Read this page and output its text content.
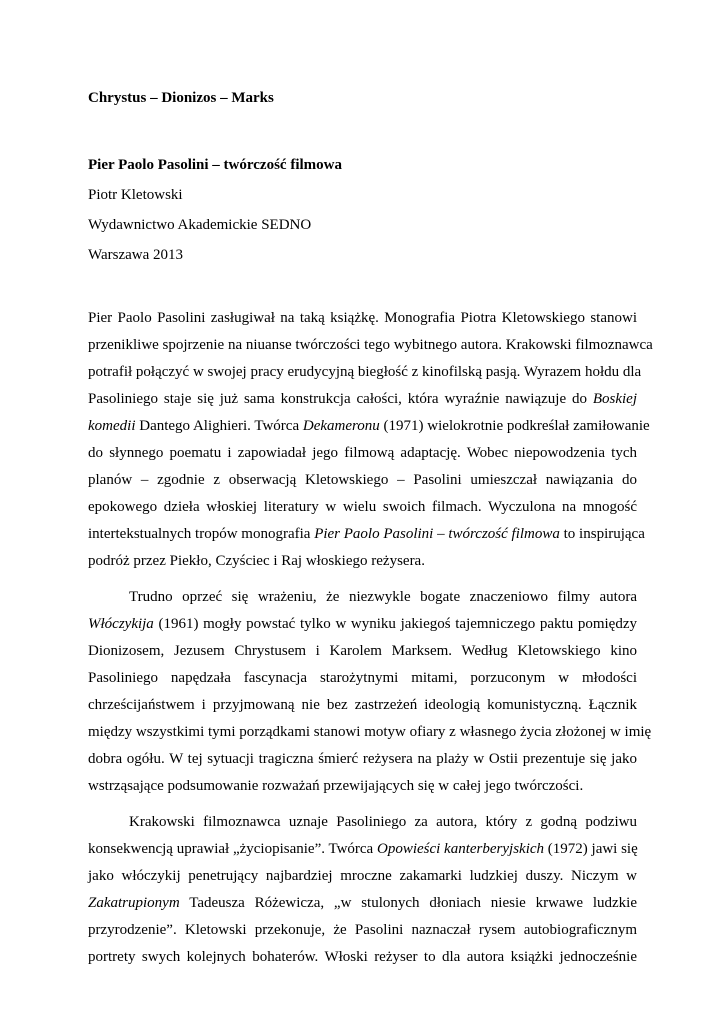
Chrystus – Dionizos – Marks

Pier Paolo Pasolini – twórczość filmowa

Piotr Kletowski

Wydawnictwo Akademickie SEDNO

Warszawa 2013

Pier Paolo Pasolini zasługiwał na taką książkę. Monografia Piotra Kletowskiego stanowi
przenikliwe spojrzenie na niuanse twórczości tego wybitnego autora. Krakowski filmoznawca
potrafił połączyć w swojej pracy erudycyjną biegłość z kinofilską pasją. Wyrazem hołdu dla
Pasoliniego staje się już sama konstrukcja całości, która wyraźnie nawiązuje do Boskiej
komedii Dantego Alighieri. Twórca Dekameronu (1971) wielokrotnie podkreślał zamiłowanie
do słynnego poematu i zapowiadał jego filmową adaptację. Wobec niepowodzenia tych
planów – zgodnie z obserwacją Kletowskiego – Pasolini umieszczał nawiązania do
epokowego dzieła włoskiej literatury w wielu swoich filmach. Wyczulona na mnogość
intertekstualnych tropów monografia Pier Paolo Pasolini – twórczość filmowa to inspirująca
podróż przez Piekło, Czyściec i Raj włoskiego reżysera.

Trudno oprzeć się wrażeniu, że niezwykle bogate znaczeniowo filmy autora
Włóczykija (1961) mogły powstać tylko w wyniku jakiegoś tajemniczego paktu pomiędzy
Dionizosem, Jezusem Chrystusem i Karolem Marksem. Według Kletowskiego kino
Pasoliniego napędzała fascynacja starożytnymi mitami, porzuconym w młodości
chrześcijaństwem i przyjmowaną nie bez zastrzeżeń ideologią komunistyczną. Łącznik
między wszystkimi tymi porządkami stanowi motyw ofiary z własnego życia złożonej w imię
dobra ogółu. W tej sytuacji tragiczna śmierć reżysera na plaży w Ostii prezentuje się jako
wstrząsające podsumowanie rozważań przewijających się w całej jego twórczości.

Krakowski filmoznawca uznaje Pasoliniego za autora, który z godną podziwu
konsekwencją uprawiał „życiopisanie”. Twórca Opowieści kanterberyjskich (1972) jawi się
jako włóczykij penetrujący najbardziej mroczne zakamarki ludzkiej duszy. Niczym w
Zakatrupionym Tadeusza Różewicza, „w stulonych dłoniach niesie krwawe ludzkie
przyrodzenie”. Kletowski przekonuje, że Pasolini naznaczał rysem autobiograficznym
portrety swych kolejnych bohaterów. Włoski reżyser to dla autora książki jednocześnie
